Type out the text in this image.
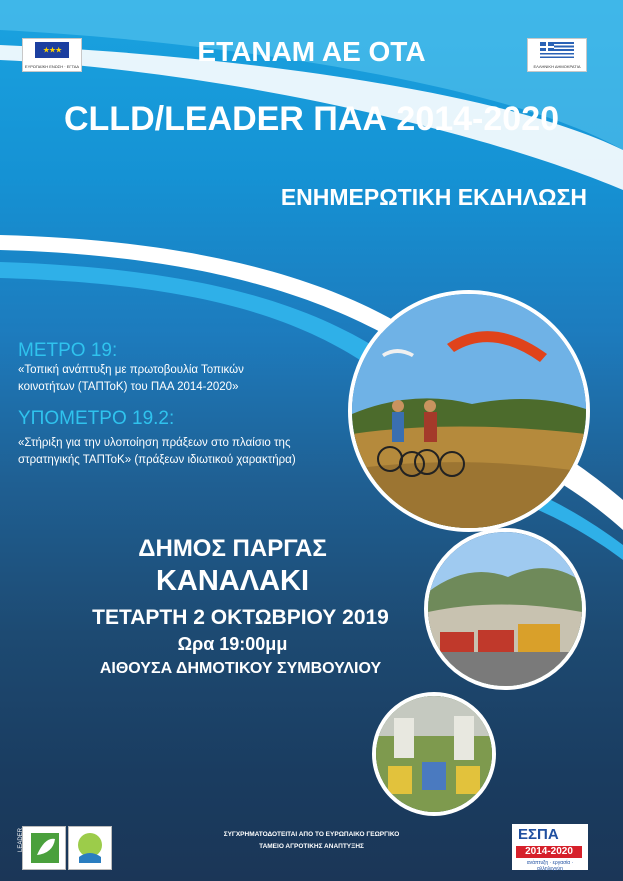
★★★
ΕΥΡΩΠΑΪΚΗ ΕΝΩΣΗ · ΕΓΤΑΑ	ΕΛΛΗΝΙΚΗ ΔΗΜΟΚΡΑΤΙΑ
ΕΤΑΝΑΜ ΑΕ ΟΤΑ
CLLD/LEADER ΠΑΑ 2014-2020
ΕΝΗΜΕΡΩΤΙΚΗ ΕΚΔΗΛΩΣΗ
ΜΕΤΡΟ 19:
«Τοπική ανάπτυξη με πρωτοβουλία Τοπικών
κοινοτήτων (ΤΑΠΤοΚ) του ΠΑΑ 2014-2020»
ΥΠΟΜΕΤΡΟ 19.2:
«Στήριξη για την υλοποίηση πράξεων στο πλαίσιο της
στρατηγικής ΤΑΠΤοΚ» (πράξεων ιδιωτικού χαρακτήρα)
ΔΗΜΟΣ ΠΑΡΓΑΣ
ΚΑΝΑΛΑΚΙ
ΤΕΤΑΡΤΗ 2 ΟΚΤΩΒΡΙΟΥ 2019
Ωρα 19:00μμ
ΑΙΘΟΥΣΑ ΔΗΜΟΤΙΚΟΥ ΣΥΜΒΟΥΛΙΟΥ
LEADER	ΣΥΓΧΡΗΜΑΤΟΔΟΤΕΙΤΑΙ ΑΠΟ ΤΟ ΕΥΡΩΠΑΙΚΟ ΓΕΩΡΓΙΚΟ
ΤΑΜΕΙΟ ΑΓΡΟΤΙΚΗΣ ΑΝΑΠΤΥΞΗΣ
ΕΣΠΑ
2014-2020
ανάπτυξη · εργασία · αλληλεγγύη
